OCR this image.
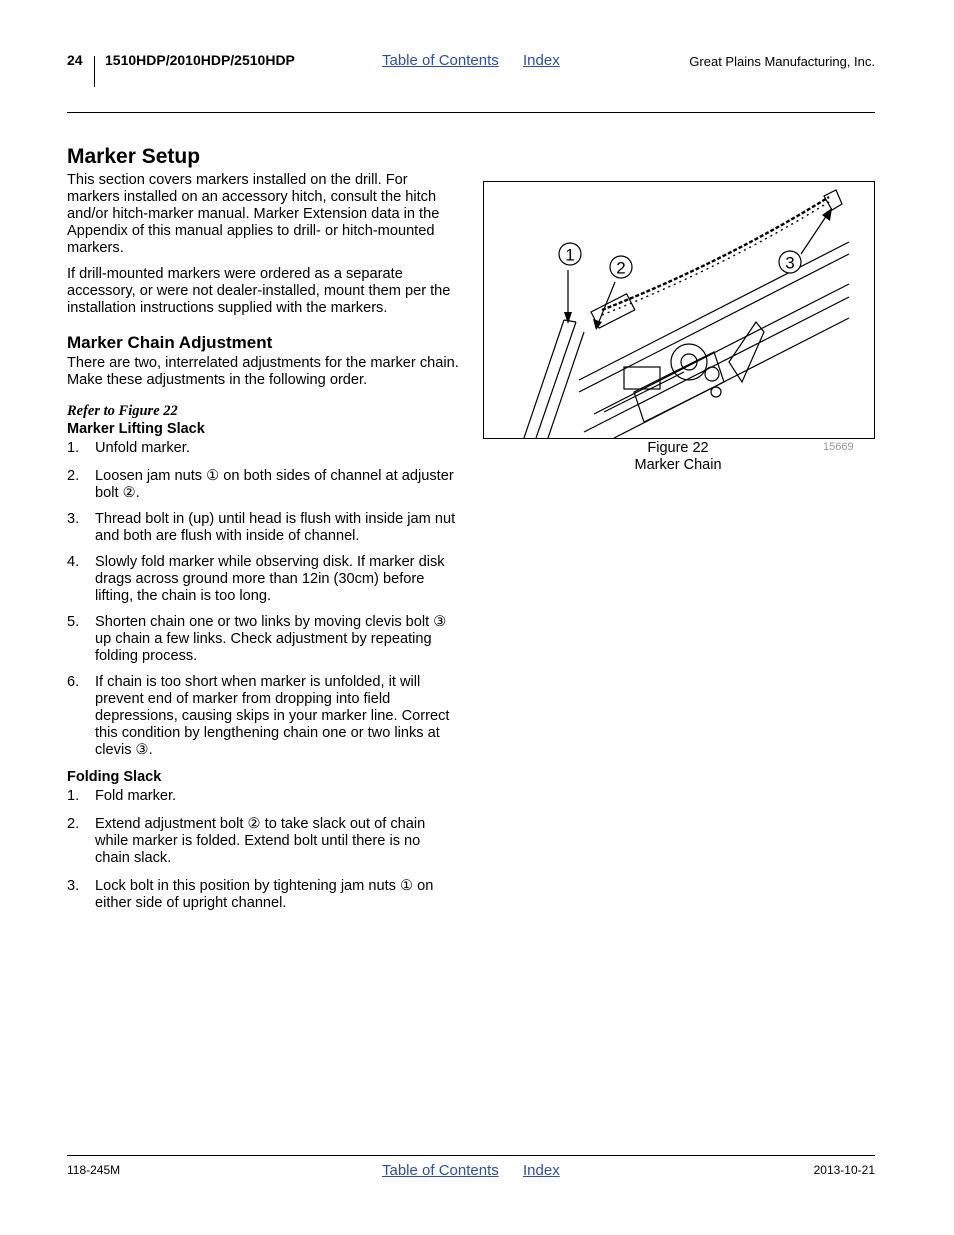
24 1510HDP/2010HDP/2510HDP	Table of Contents Index	Great Plains Manufacturing, Inc.
Marker Setup

This section covers markers installed on the drill. For markers installed on an accessory hitch, consult the hitch and/or hitch-marker manual. Marker Extension data in the Appendix of this manual applies to drill- or hitch-mounted markers.

If drill-mounted markers were ordered as a separate accessory, or were not dealer-installed, mount them per the installation instructions supplied with the markers.

Marker Chain Adjustment

There are two, interrelated adjustments for the marker chain. Make these adjustments in the following order.

Refer to Figure 22
Marker Lifting Slack
1. Unfold marker.
2. Loosen jam nuts ① on both sides of channel at adjuster bolt ②.
3. Thread bolt in (up) until head is flush with inside jam nut and both are flush with inside of channel.
4. Slowly fold marker while observing disk. If marker disk drags across ground more than 12in (30cm) before lifting, the chain is too long.
5. Shorten chain one or two links by moving clevis bolt ③ up chain a few links. Check adjustment by repeating folding process.
6. If chain is too short when marker is unfolded, it will prevent end of marker from dropping into field depressions, causing skips in your marker line. Correct this condition by lengthening chain one or two links at clevis ③.
Folding Slack
1. Fold marker.
2. Extend adjustment bolt ② to take slack out of chain while marker is folded. Extend bolt until there is no chain slack.
3. Lock bolt in this position by tightening jam nuts ① on either side of upright channel.
1
2	3
Figure 22
Marker Chain
15669
118-245M	Table of Contents Index	2013-10-21
